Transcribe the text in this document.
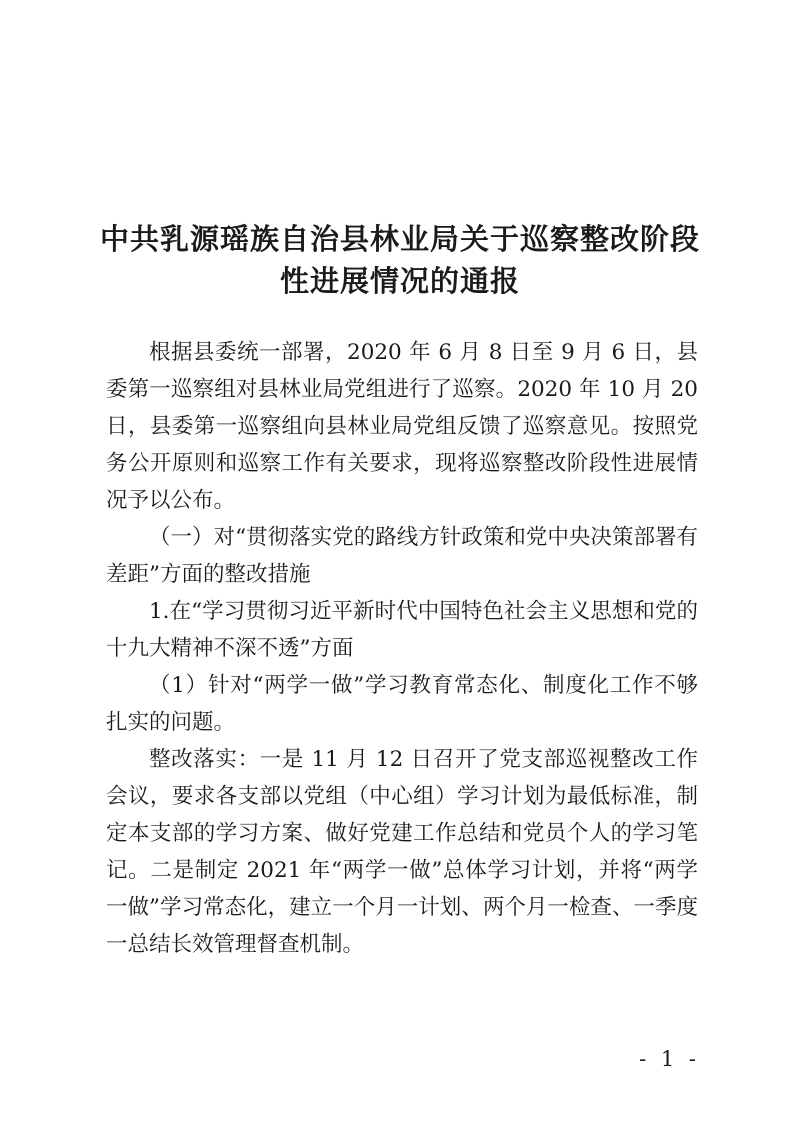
中共乳源瑶族自治县林业局关于巡察整改阶段性进展情况的通报

根据县委统一部署，2020 年 6 月 8 日至 9 月 6 日，县委第一巡察组对县林业局党组进行了巡察。2020 年 10 月 20 日，县委第一巡察组向县林业局党组反馈了巡察意见。按照党务公开原则和巡察工作有关要求，现将巡察整改阶段性进展情况予以公布。

（一）对“贯彻落实党的路线方针政策和党中央决策部署有差距”方面的整改措施

1.在“学习贯彻习近平新时代中国特色社会主义思想和党的十九大精神不深不透”方面

（1）针对“两学一做”学习教育常态化、制度化工作不够扎实的问题。

整改落实：一是 11 月 12 日召开了党支部巡视整改工作会议，要求各支部以党组（中心组）学习计划为最低标准，制定本支部的学习方案、做好党建工作总结和党员个人的学习笔记。二是制定 2021 年“两学一做”总体学习计划，并将“两学一做”学习常态化，建立一个月一计划、两个月一检查、一季度一总结长效管理督查机制。

- 1 -
